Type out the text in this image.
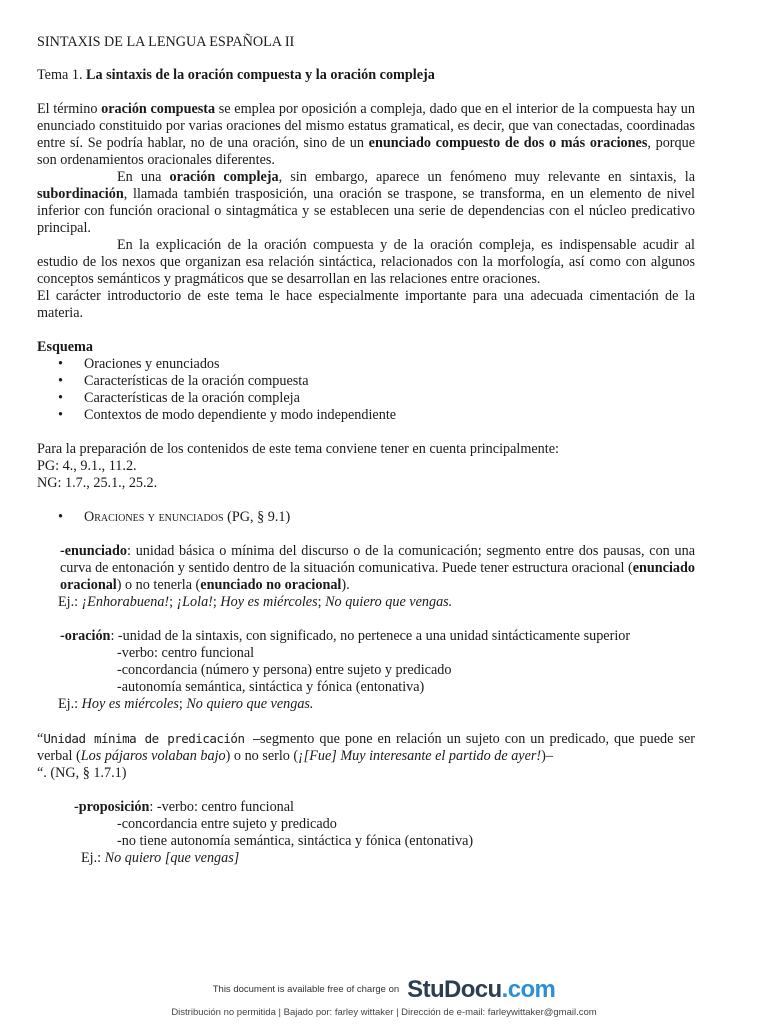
SINTAXIS DE LA LENGUA ESPAÑOLA II

Tema 1. La sintaxis de la oración compuesta y la oración compleja

El término oración compuesta se emplea por oposición a compleja, dado que en el interior de la compuesta hay un enunciado constituido por varias oraciones del mismo estatus gramatical, es decir, que van conectadas, coordinadas entre sí. Se podría hablar, no de una oración, sino de un enunciado compuesto de dos o más oraciones, porque son ordenamientos oracionales diferentes.

En una oración compleja, sin embargo, aparece un fenómeno muy relevante en sintaxis, la subordinación, llamada también trasposición, una oración se traspone, se transforma, en un elemento de nivel inferior con función oracional o sintagmática y se establecen una serie de dependencias con el núcleo predicativo principal.

En la explicación de la oración compuesta y de la oración compleja, es indispensable acudir al estudio de los nexos que organizan esa relación sintáctica, relacionados con la morfología, así como con algunos conceptos semánticos y pragmáticos que se desarrollan en las relaciones entre oraciones.

El carácter introductorio de este tema le hace especialmente importante para una adecuada cimentación de la materia.

Esquema

• Oraciones y enunciados
• Características de la oración compuesta
• Características de la oración compleja
• Contextos de modo dependiente y modo independiente

Para la preparación de los contenidos de este tema conviene tener en cuenta principalmente:

PG: 4., 9.1., 11.2.

NG: 1.7., 25.1., 25.2.

• Oraciones y enunciados (PG, § 9.1)

-enunciado: unidad básica o mínima del discurso o de la comunicación; segmento entre dos pausas, con una curva de entonación y sentido dentro de la situación comunicativa. Puede tener estructura oracional (enunciado oracional) o no tenerla (enunciado no oracional).

Ej.: ¡Enhorabuena!; ¡Lola!; Hoy es miércoles; No quiero que vengas.

-oración: -unidad de la sintaxis, con significado, no pertenece a una unidad sintácticamente superior

-verbo: centro funcional

-concordancia (número y persona) entre sujeto y predicado

-autonomía semántica, sintáctica y fónica (entonativa)

Ej.: Hoy es miércoles; No quiero que vengas.

“Unidad mínima de predicación –segmento que pone en relación un sujeto con un predicado, que puede ser verbal (Los pájaros volaban bajo) o no serlo (¡[Fue] Muy interesante el partido de ayer!)–
“. (NG, § 1.7.1)

-proposición: -verbo: centro funcional

-concordancia entre sujeto y predicado

-no tiene autonomía semántica, sintáctica y fónica (entonativa)

Ej.: No quiero [que vengas]

This document is available free of charge on StuDocu.com
Distribución no permitida | Bajado por: farley wittaker | Dirección de e-mail: farleywittaker@gmail.com
